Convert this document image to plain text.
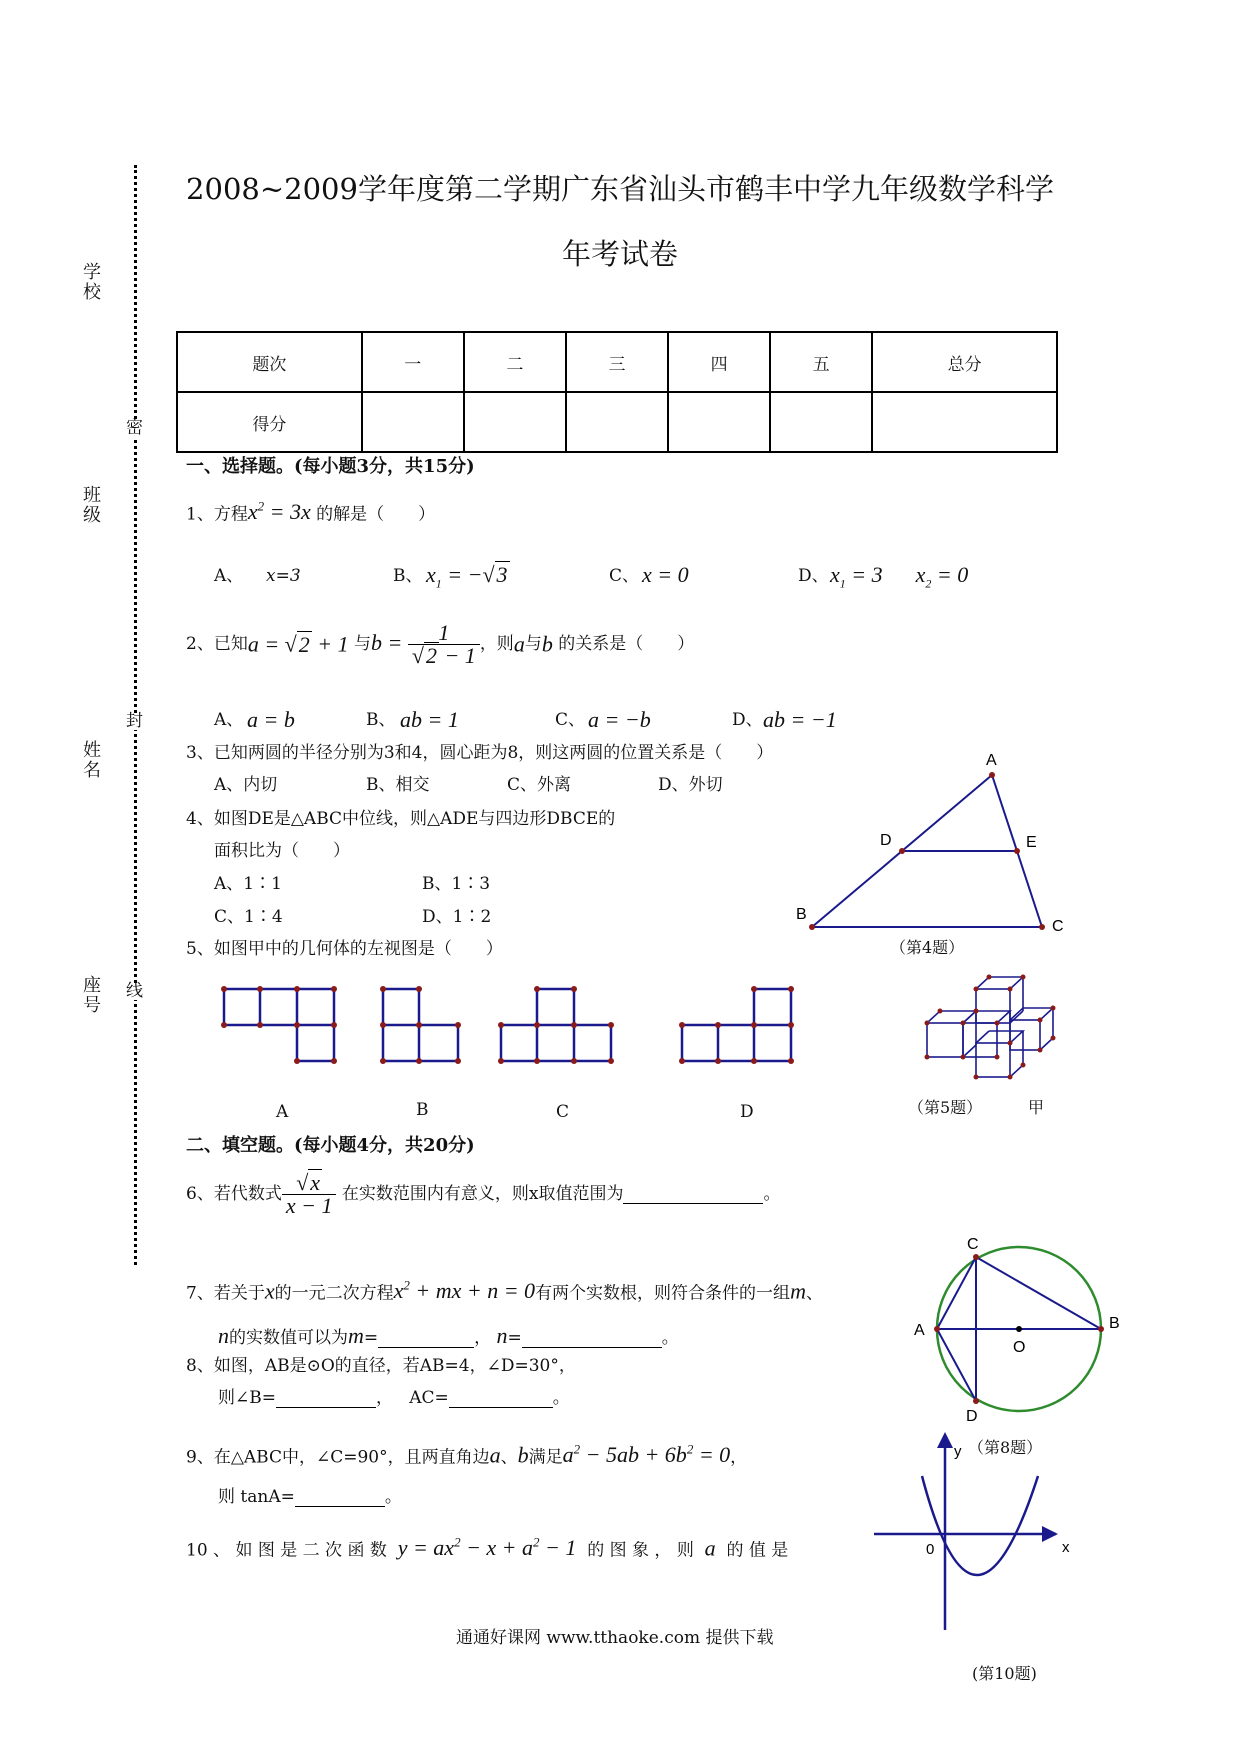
学校
班级
姓名
座号
密
封
线
2008~2009学年度第二学期广东省汕头市鹤丰中学九年级数学科学
年考试卷
题次	一	二	三	四	五	总分
得分						
一、选择题。(每小题3分，共15分)
1、方程$x^2 = 3x$ 的解是（　　）
A、 x=3	B、 $x_1 = -√3$	C、 x = 0	D、 $x_1 = 3$      $x_2 = 0$
2、已知a = √2 + 1 与$b = \frac{1}{√2 - 1}$ ，则a与b 的关系是（　　）
A、 a = b	B、 ab = 1	C、 a = −b	D、 ab = −1
3、已知两圆的半径分别为3和4，圆心距为8，则这两圆的位置关系是（　　）
A、内切	B、相交	C、外离	D、外切
4、如图DE是△ABC中位线，则△ADE与四边形DBCE的
面积比为（　　）
A、1∶1	B、1∶3
C、1∶4	D、1∶2
5、如图甲中的几何体的左视图是（　　）
A
B
C
D	E
（第4题）
A	B	C	D	（第5题）	甲
二、填空题。(每小题4分，共20分)
6、若代数式 $\frac{√x}{x - 1}$ 在实数范围内有意义，则x取值范围为	。
7、若关于x的一元二次方程$x^2$ + mx + n = 0有两个实数根，则符合条件的一组m、
n的实数值可以为m=	， n=	。
8、如图，AB是⊙O的直径，若AB=4，∠D=30°，
则∠B=	，   AC=	。
A	B
C
D
O
（第8题）
9、在△ABC中，∠C=90°，且两直角边a、b满足$a^2 - 5ab + 6b^2 = 0$，
则 tanA=	。
10 、 如 图 是 二 次 函 数 $y = ax^2 - x + a^2 - 1$ 的 图 象 ， 则 a 的 值 是
y
x
0
(第10题)
通通好课网 www.tthaoke.com 提供下载
